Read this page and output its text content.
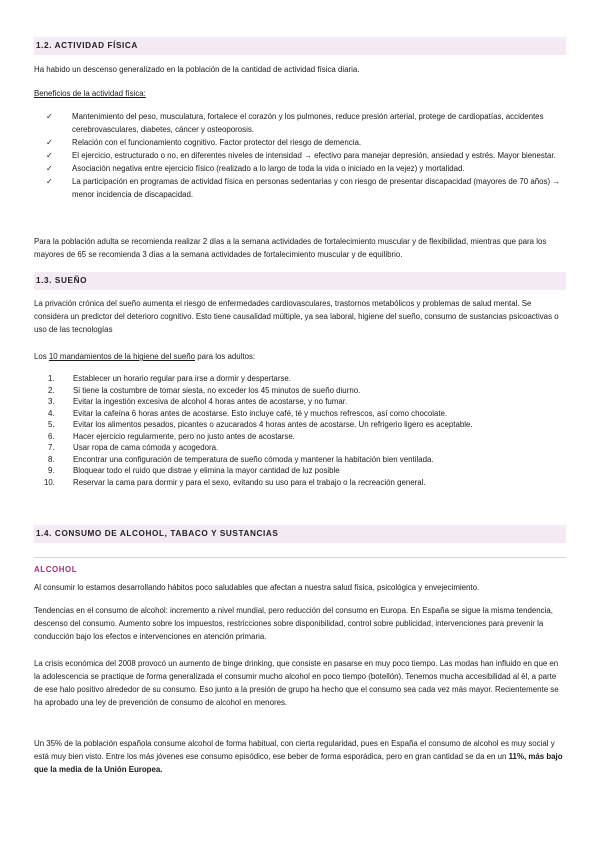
1.2. ACTIVIDAD FÍSICA

Ha habido un descenso generalizado en la población de la cantidad de actividad física diaria.

Beneficios de la actividad física:

✓ Mantenimiento del peso, musculatura, fortalece el corazón y los pulmones, reduce presión arterial, protege de cardiopatías, accidentes cerebrovasculares, diabetes, cáncer y osteoporosis.
✓ Relación con el funcionamiento cognitivo. Factor protector del riesgo de demencia.
✓ El ejercicio, estructurado o no, en diferentes niveles de intensidad → efectivo para manejar depresión, ansiedad y estrés. Mayor bienestar.
✓ Asociación negativa entre ejercicio físico (realizado a lo largo de toda la vida o iniciado en la vejez) y mortalidad.
✓ La participación en programas de actividad física en personas sedentarias y con riesgo de presentar discapacidad (mayores de 70 años) → menor incidencia de discapacidad.

Para la población adulta se recomienda realizar 2 días a la semana actividades de fortalecimiento muscular y de flexibilidad, mientras que para los mayores de 65 se recomienda 3 días a la semana actividades de fortalecimiento muscular y de equilibrio.

1.3. SUEÑO

La privación crónica del sueño aumenta el riesgo de enfermedades cardiovasculares, trastornos metabólicos y problemas de salud mental. Se considera un predictor del deterioro cognitivo. Esto tiene causalidad múltiple, ya sea laboral, higiene del sueño, consumo de sustancias psicoactivas o uso de las tecnologías

Los 10 mandamientos de la higiene del sueño para los adultos:

1. Establecer un horario regular para irse a dormir y despertarse.
2. Si tiene la costumbre de tomar siesta, no exceder los 45 minutos de sueño diurno.
3. Evitar la ingestión excesiva de alcohol 4 horas antes de acostarse, y no fumar.
4. Evitar la cafeína 6 horas antes de acostarse. Esto incluye café, té y muchos refrescos, así como chocolate.
5. Evitar los alimentos pesados, picantes o azucarados 4 horas antes de acostarse. Un refrigerio ligero es aceptable.
6. Hacer ejercicio regularmente, pero no justo antes de acostarse.
7. Usar ropa de cama cómoda y acogedora.
8. Encontrar una configuración de temperatura de sueño cómoda y mantener la habitación bien ventilada.
9. Bloquear todo el ruido que distrae y elimina la mayor cantidad de luz posible
10. Reservar la cama para dormir y para el sexo, evitando su uso para el trabajo o la recreación general.
1.4. CONSUMO DE ALCOHOL, TABACO Y SUSTANCIAS
ALCOHOL

Al consumir lo estamos desarrollando hábitos poco saludables que afectan a nuestra salud física, psicológica y envejecimiento.

Tendencias en el consumo de alcohol: incremento a nivel mundial, pero reducción del consumo en Europa. En España se sigue la misma tendencia, descenso del consumo. Aumento sobre los impuestos, restricciones sobre disponibilidad, control sobre publicidad, intervenciones para prevenir la conducción bajo los efectos e intervenciones en atención primaria.

La crisis económica del 2008 provocó un aumento de binge drinking, que consiste en pasarse en muy poco tiempo. Las modas han influido en que en la adolescencia se practique de forma generalizada el consumir mucho alcohol en poco tiempo (botellón). Tenemos mucha accesibilidad al él, a parte de ese halo positivo alrededor de su consumo. Eso junto a la presión de grupo ha hecho que el consumo sea cada vez más mayor. Recientemente se ha aprobado una ley de prevención de consumo de alcohol en menores.

Un 35% de la población española consume alcohol de forma habitual, con cierta regularidad, pues en España el consumo de alcohol es muy social y está muy bien visto. Entre los más jóvenes ese consumo episódico, ese beber de forma esporádica, pero en gran cantidad se da en un 11%, más bajo que la media de la Unión Europea.
